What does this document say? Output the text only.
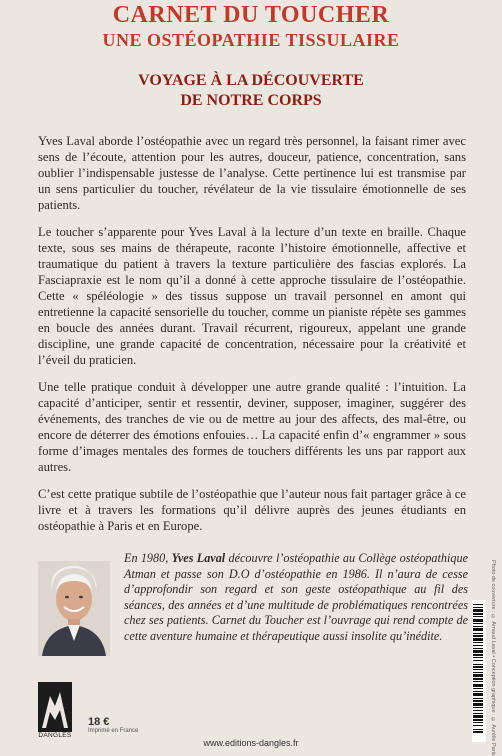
CARNET DU TOUCHER
UNE OSTÉOPATHIE TISSULAIRE
VOYAGE À LA DÉCOUVERTE
DE NOTRE CORPS

Yves Laval aborde l’ostéopathie avec un regard très personnel, la faisant rimer avec sens de l’écoute, attention pour les autres, douceur, patience, concentration, sans oublier l’indispensable justesse de l’analyse. Cette pertinence lui est transmise par un sens particulier du toucher, révélateur de la vie tissulaire émotionnelle de ses patients.

Le toucher s’apparente pour Yves Laval à la lecture d’un texte en braille. Chaque texte, sous ses mains de thérapeute, raconte l’histoire émotionnelle, affective et traumatique du patient à travers la texture particulière des fascias explorés. La Fasciapraxie est le nom qu’il a donné à cette approche tissulaire de l’ostéopathie. Cette « spéléologie » des tissus suppose un travail personnel en amont qui entretienne la capacité sensorielle du toucher, comme un pianiste répète ses gammes en boucle des années durant. Travail récurrent, rigoureux, appelant une grande discipline, une grande capacité de concentration, nécessaire pour la créativité et l’éveil du praticien.

Une telle pratique conduit à développer une autre grande qualité : l’intuition. La capacité d’anticiper, sentir et ressentir, deviner, supposer, imaginer, suggérer des événements, des tranches de vie ou de mettre au jour des affects, des mal-être, ou encore de déterrer des émotions enfouies… La capacité enfin d’« engrammer » sous forme d’images mentales des formes de touchers différents les uns par rapport aux autres.

C’est cette pratique subtile de l’ostéopathie que l’auteur nous fait partager grâce à ce livre et à travers les formations qu’il délivre auprès des jeunes étudiants en ostéopathie à Paris et en Europe.

En 1980, Yves Laval découvre l’ostéopathie au Collège ostéopathique Atman et passe son D.O d’ostéopathie en 1986. Il n’aura de cesse d’approfondir son regard et son geste ostéopathique au fil des séances, des années et d’une multitude de problématiques rencontrées chez ses patients. Carnet du Toucher est l’ouvrage qui rend compte de cette aventure humaine et thérapeutique aussi insolite qu’inédite.
DANGLES
18 €
Imprimé en France
www.editions-dangles.fr	Photo de couverture : © Arnaud Laval • Conception graphique : © Aurélie Paris
